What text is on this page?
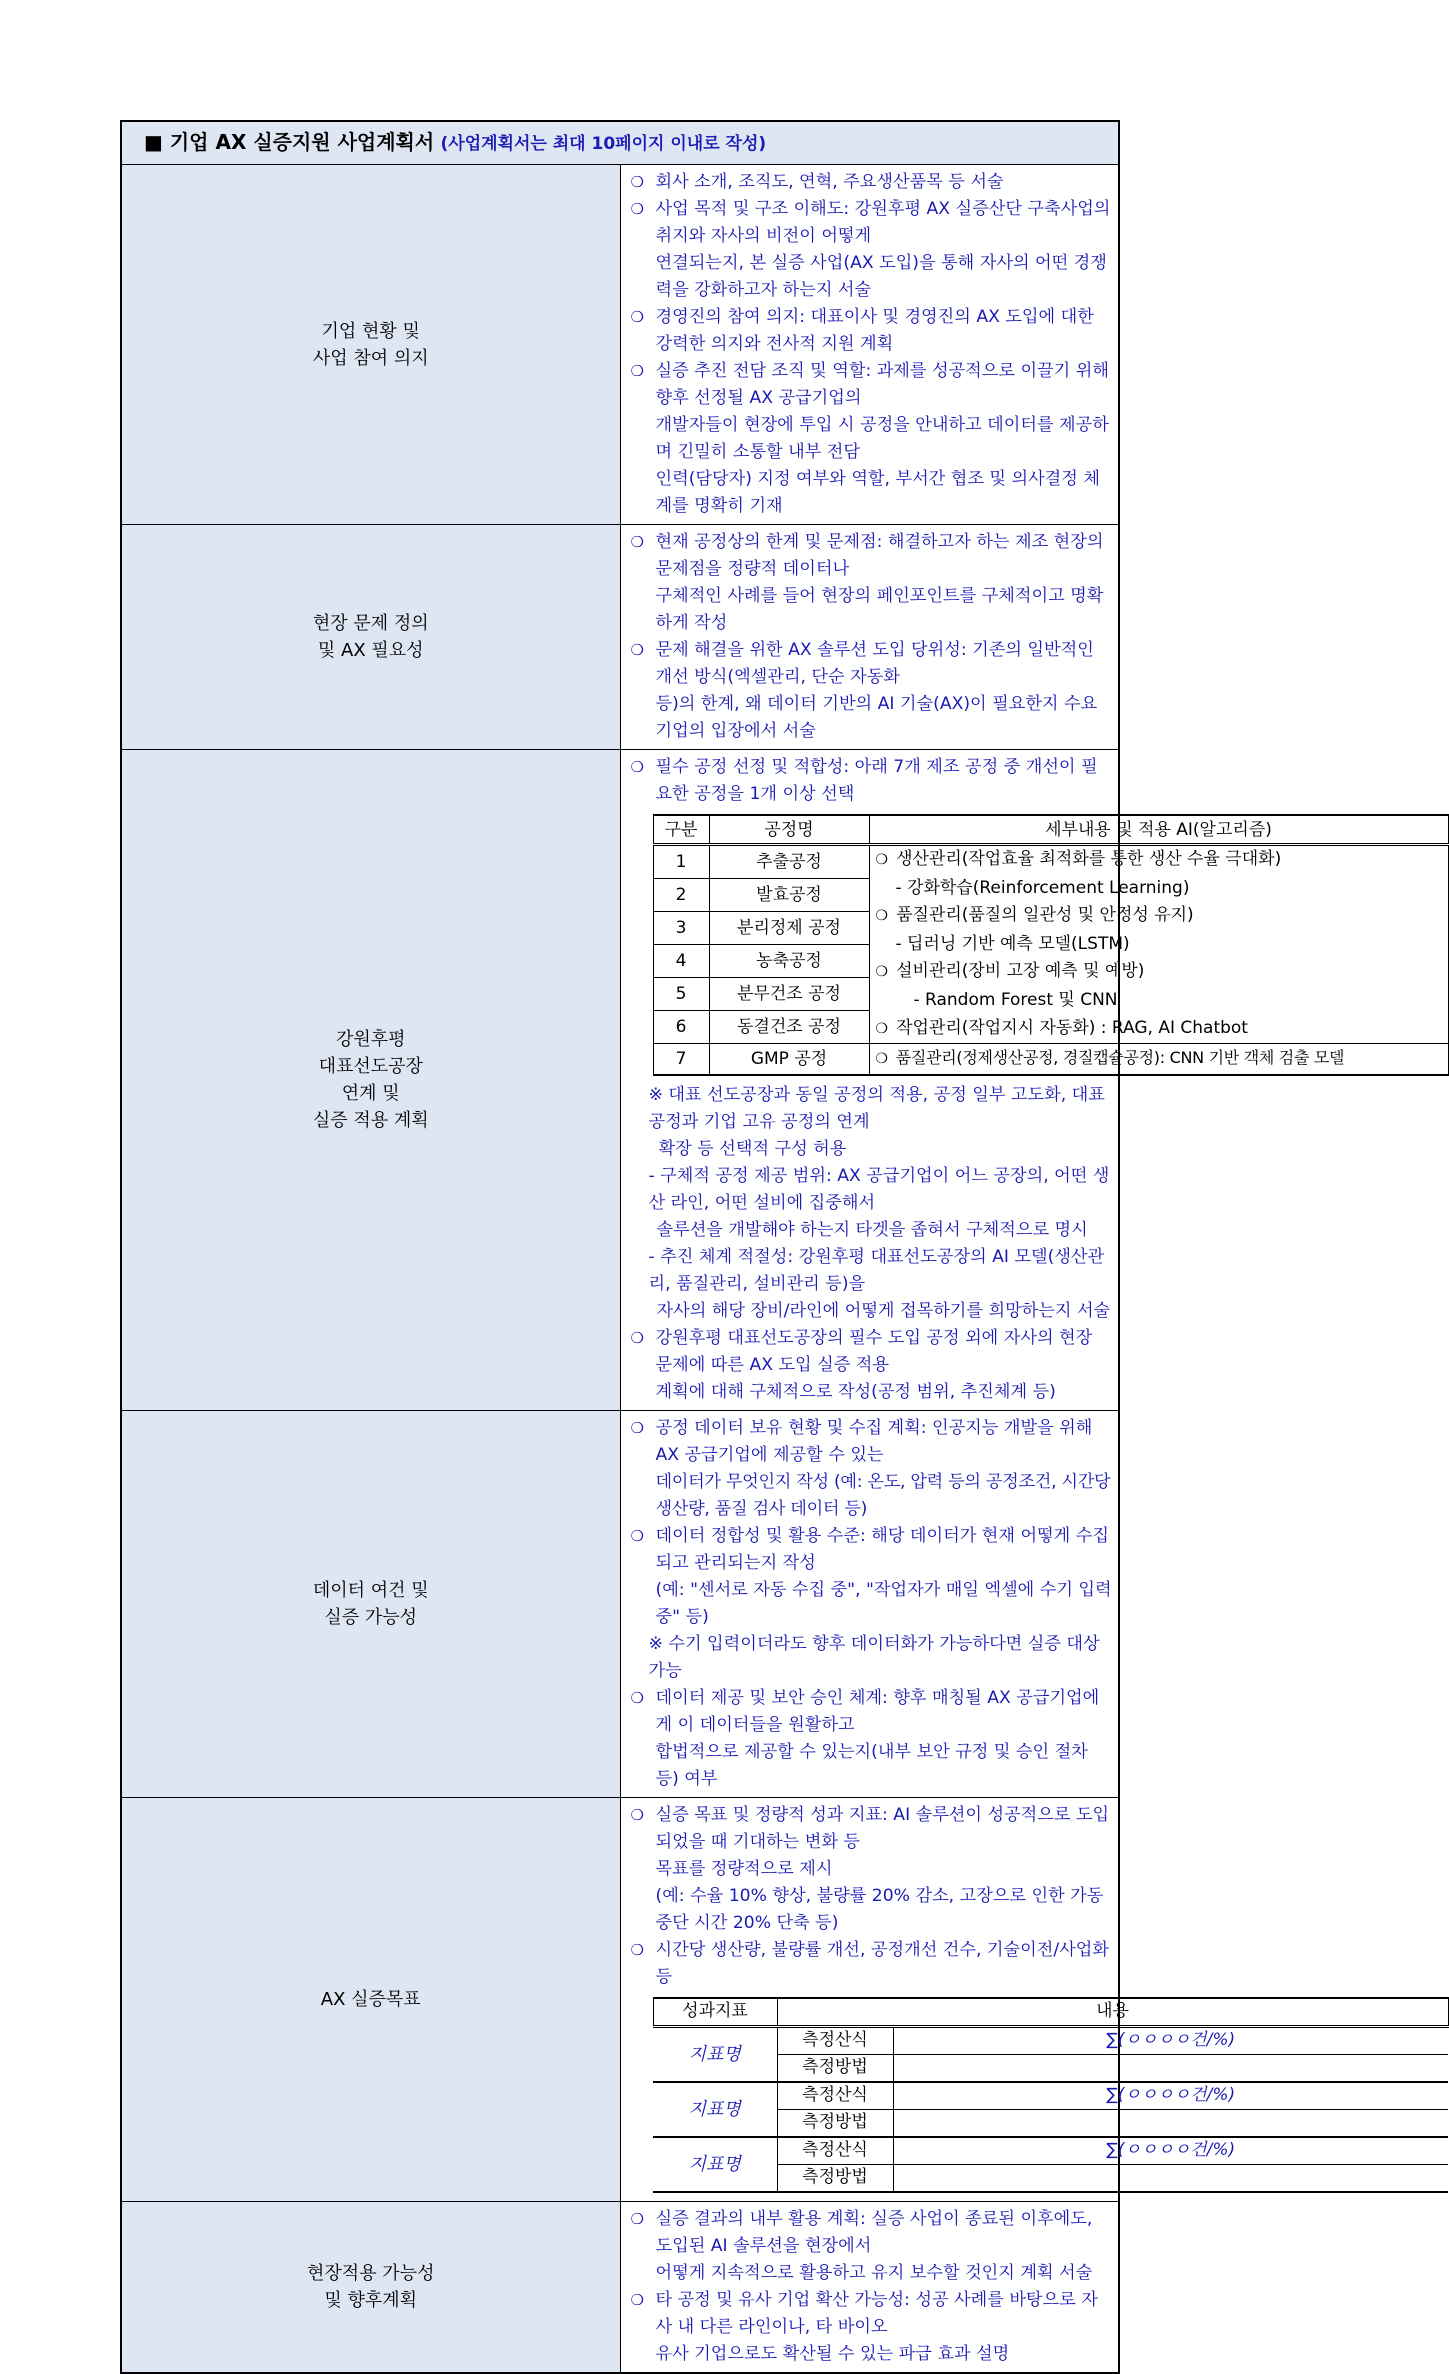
■ 기업 AX 실증지원 사업계획서 (사업계획서는 최대 10페이지 이내로 작성)

기업 현황 및
사업 참여 의지

❍ 회사 소개, 조직도, 연혁, 주요생산품목 등 서술
❍ 사업 목적 및 구조 이해도: 강원후평 AX 실증산단 구축사업의 취지와 자사의 비전이 어떻게
연결되는지, 본 실증 사업(AX 도입)을 통해 자사의 어떤 경쟁력을 강화하고자 하는지 서술
❍ 경영진의 참여 의지: 대표이사 및 경영진의 AX 도입에 대한 강력한 의지와 전사적 지원 계획
❍ 실증 추진 전담 조직 및 역할: 과제를 성공적으로 이끌기 위해 향후 선정될 AX 공급기업의
개발자들이 현장에 투입 시 공정을 안내하고 데이터를 제공하며 긴밀히 소통할 내부 전담
인력(담당자) 지정 여부와 역할, 부서간 협조 및 의사결정 체계를 명확히 기재

현장 문제 정의
및 AX 필요성

❍ 현재 공정상의 한계 및 문제점: 해결하고자 하는 제조 현장의 문제점을 정량적 데이터나
구체적인 사례를 들어 현장의 페인포인트를 구체적이고 명확하게 작성
❍ 문제 해결을 위한 AX 솔루션 도입 당위성: 기존의 일반적인 개선 방식(엑셀관리, 단순 자동화
등)의 한계, 왜 데이터 기반의 AI 기술(AX)이 필요한지 수요기업의 입장에서 서술

강원후평
대표선도공장
연계 및
실증 적용 계획

❍ 필수 공정 선정 및 적합성: 아래 7개 제조 공정 중 개선이 필요한 공정을 1개 이상 선택
구분	공정명	세부내용 및 적용 AI(알고리즘)
1	추출공정	
❍생산관리(작업효율 최적화를 통한 생산 수율 극대화)
- 강화학습(Reinforcement Learning)
❍ 품질관리(품질의 일관성 및 안정성 유지)
- 딥러닝 기반 예측 모델(LSTM)
❍ 설비관리(장비 고장 예측 및 예방)
- Random Forest 및 CNN
❍ 작업관리(작업지시 자동화) : RAG, AI Chatbot

2	발효공정
3	분리정제 공정
4	농축공정
5	분무건조 공정
6	동결건조 공정
7	GMP 공정	
❍품질관리(정제생산공정, 경질캡슐공정): CNN 기반 객체 검출 모델
※ 대표 선도공장과 동일 공정의 적용, 공정 일부 고도화, 대표 공정과 기업 고유 공정의 연계
확장 등 선택적 구성 허용
- 구체적 공정 제공 범위: AX 공급기업이 어느 공장의, 어떤 생산 라인, 어떤 설비에 집중해서
솔루션을 개발해야 하는지 타겟을 좁혀서 구체적으로 명시
- 추진 체계 적절성: 강원후평 대표선도공장의 AI 모델(생산관리, 품질관리, 설비관리 등)을
자사의 해당 장비/라인에 어떻게 접목하기를 희망하는지 서술
❍ 강원후평 대표선도공장의 필수 도입 공정 외에 자사의 현장 문제에 따른 AX 도입 실증 적용
계획에 대해 구체적으로 작성(공정 범위, 추진체계 등)

데이터 여건 및
실증 가능성

❍ 공정 데이터 보유 현황 및 수집 계획: 인공지능 개발을 위해 AX 공급기업에 제공할 수 있는
데이터가 무엇인지 작성 (예: 온도, 압력 등의 공정조건, 시간당 생산량, 품질 검사 데이터 등)
❍ 데이터 정합성 및 활용 수준: 해당 데이터가 현재 어떻게 수집되고 관리되는지 작성
(예: "센서로 자동 수집 중", "작업자가 매일 엑셀에 수기 입력 중" 등)
※ 수기 입력이더라도 향후 데이터화가 가능하다면 실증 대상 가능
❍ 데이터 제공 및 보안 승인 체계: 향후 매칭될 AX 공급기업에게 이 데이터들을 원활하고
합법적으로 제공할 수 있는지(내부 보안 규정 및 승인 절차 등) 여부

AX 실증목표

❍ 실증 목표 및 정량적 성과 지표: AI 솔루션이 성공적으로 도입되었을 때 기대하는 변화 등
목표를 정량적으로 제시
(예: 수율 10% 향상, 불량률 20% 감소, 고장으로 인한 가동 중단 시간 20% 단축 등)
❍ 시간당 생산량, 불량률 개선, 공정개선 건수, 기술이전/사업화 등
성과지표	내용
지표명	측정산식	∑(ㅇㅇㅇㅇ건/%)
측정방법	
지표명	측정산식	∑(ㅇㅇㅇㅇ건/%)
측정방법	
지표명	측정산식	∑(ㅇㅇㅇㅇ건/%)
측정방법	

현장적용 가능성
및 향후계획

❍ 실증 결과의 내부 활용 계획: 실증 사업이 종료된 이후에도, 도입된 AI 솔루션을 현장에서
어떻게 지속적으로 활용하고 유지 보수할 것인지 계획 서술
❍ 타 공정 및 유사 기업 확산 가능성: 성공 사례를 바탕으로 자사 내 다른 라인이나, 타 바이오
유사 기업으로도 확산될 수 있는 파급 효과 설명
